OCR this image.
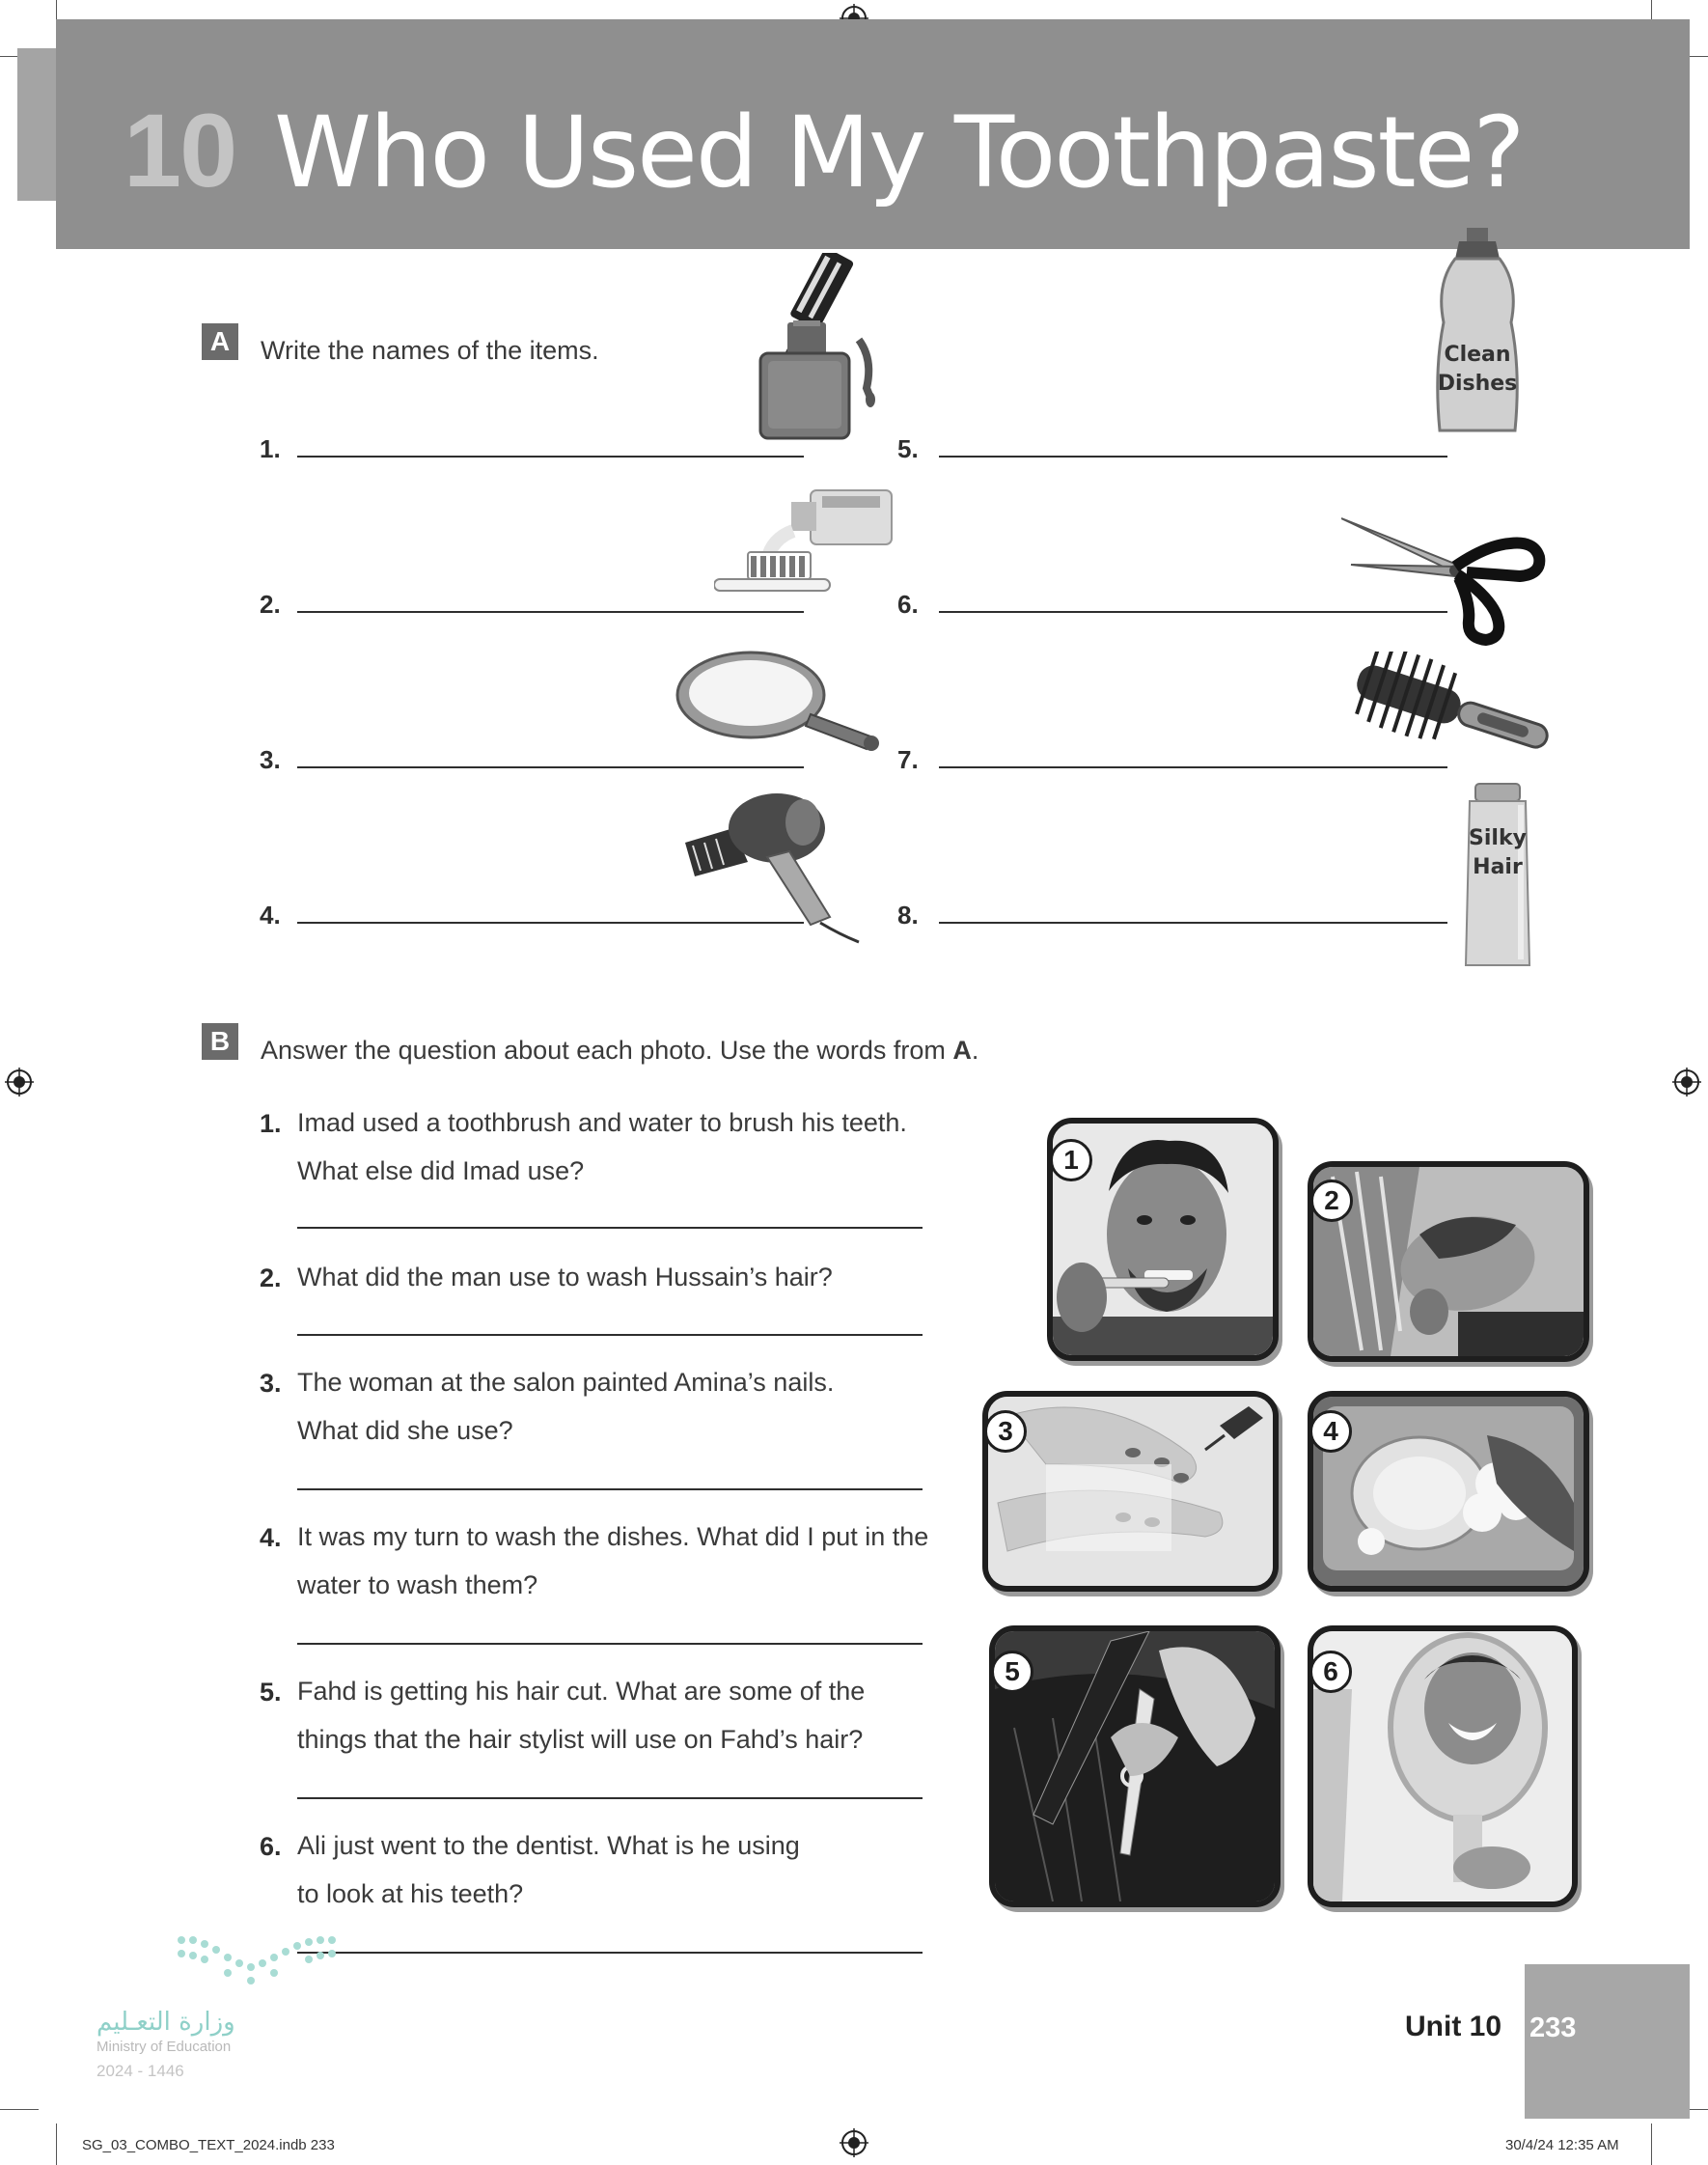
10 Who Used My Toothpaste?
A	Write the names of the items.
1.
2.
3.
4.
5.
6.
7.
8.
Clean Dishes
Silky Hair
B	Answer the question about each photo. Use the words from A.
1. Imad used a toothbrush and water to brush his teeth.
What else did Imad use?
2. What did the man use to wash Hussain’s hair?
3. The woman at the salon painted Amina’s nails.
What did she use?
4. It was my turn to wash the dishes. What did I put in the
water to wash them?
5. Fahd is getting his hair cut. What are some of the
things that the hair stylist will use on Fahd’s hair?
6. Ali just went to the dentist. What is he using
to look at his teeth?
1
2
3	4
5	6
وزارة التعـليم
Ministry of Education
2024 - 1446
Unit 10 233
SG_03_COMBO_TEXT_2024.indb 233	30/4/24 12:35 AM
